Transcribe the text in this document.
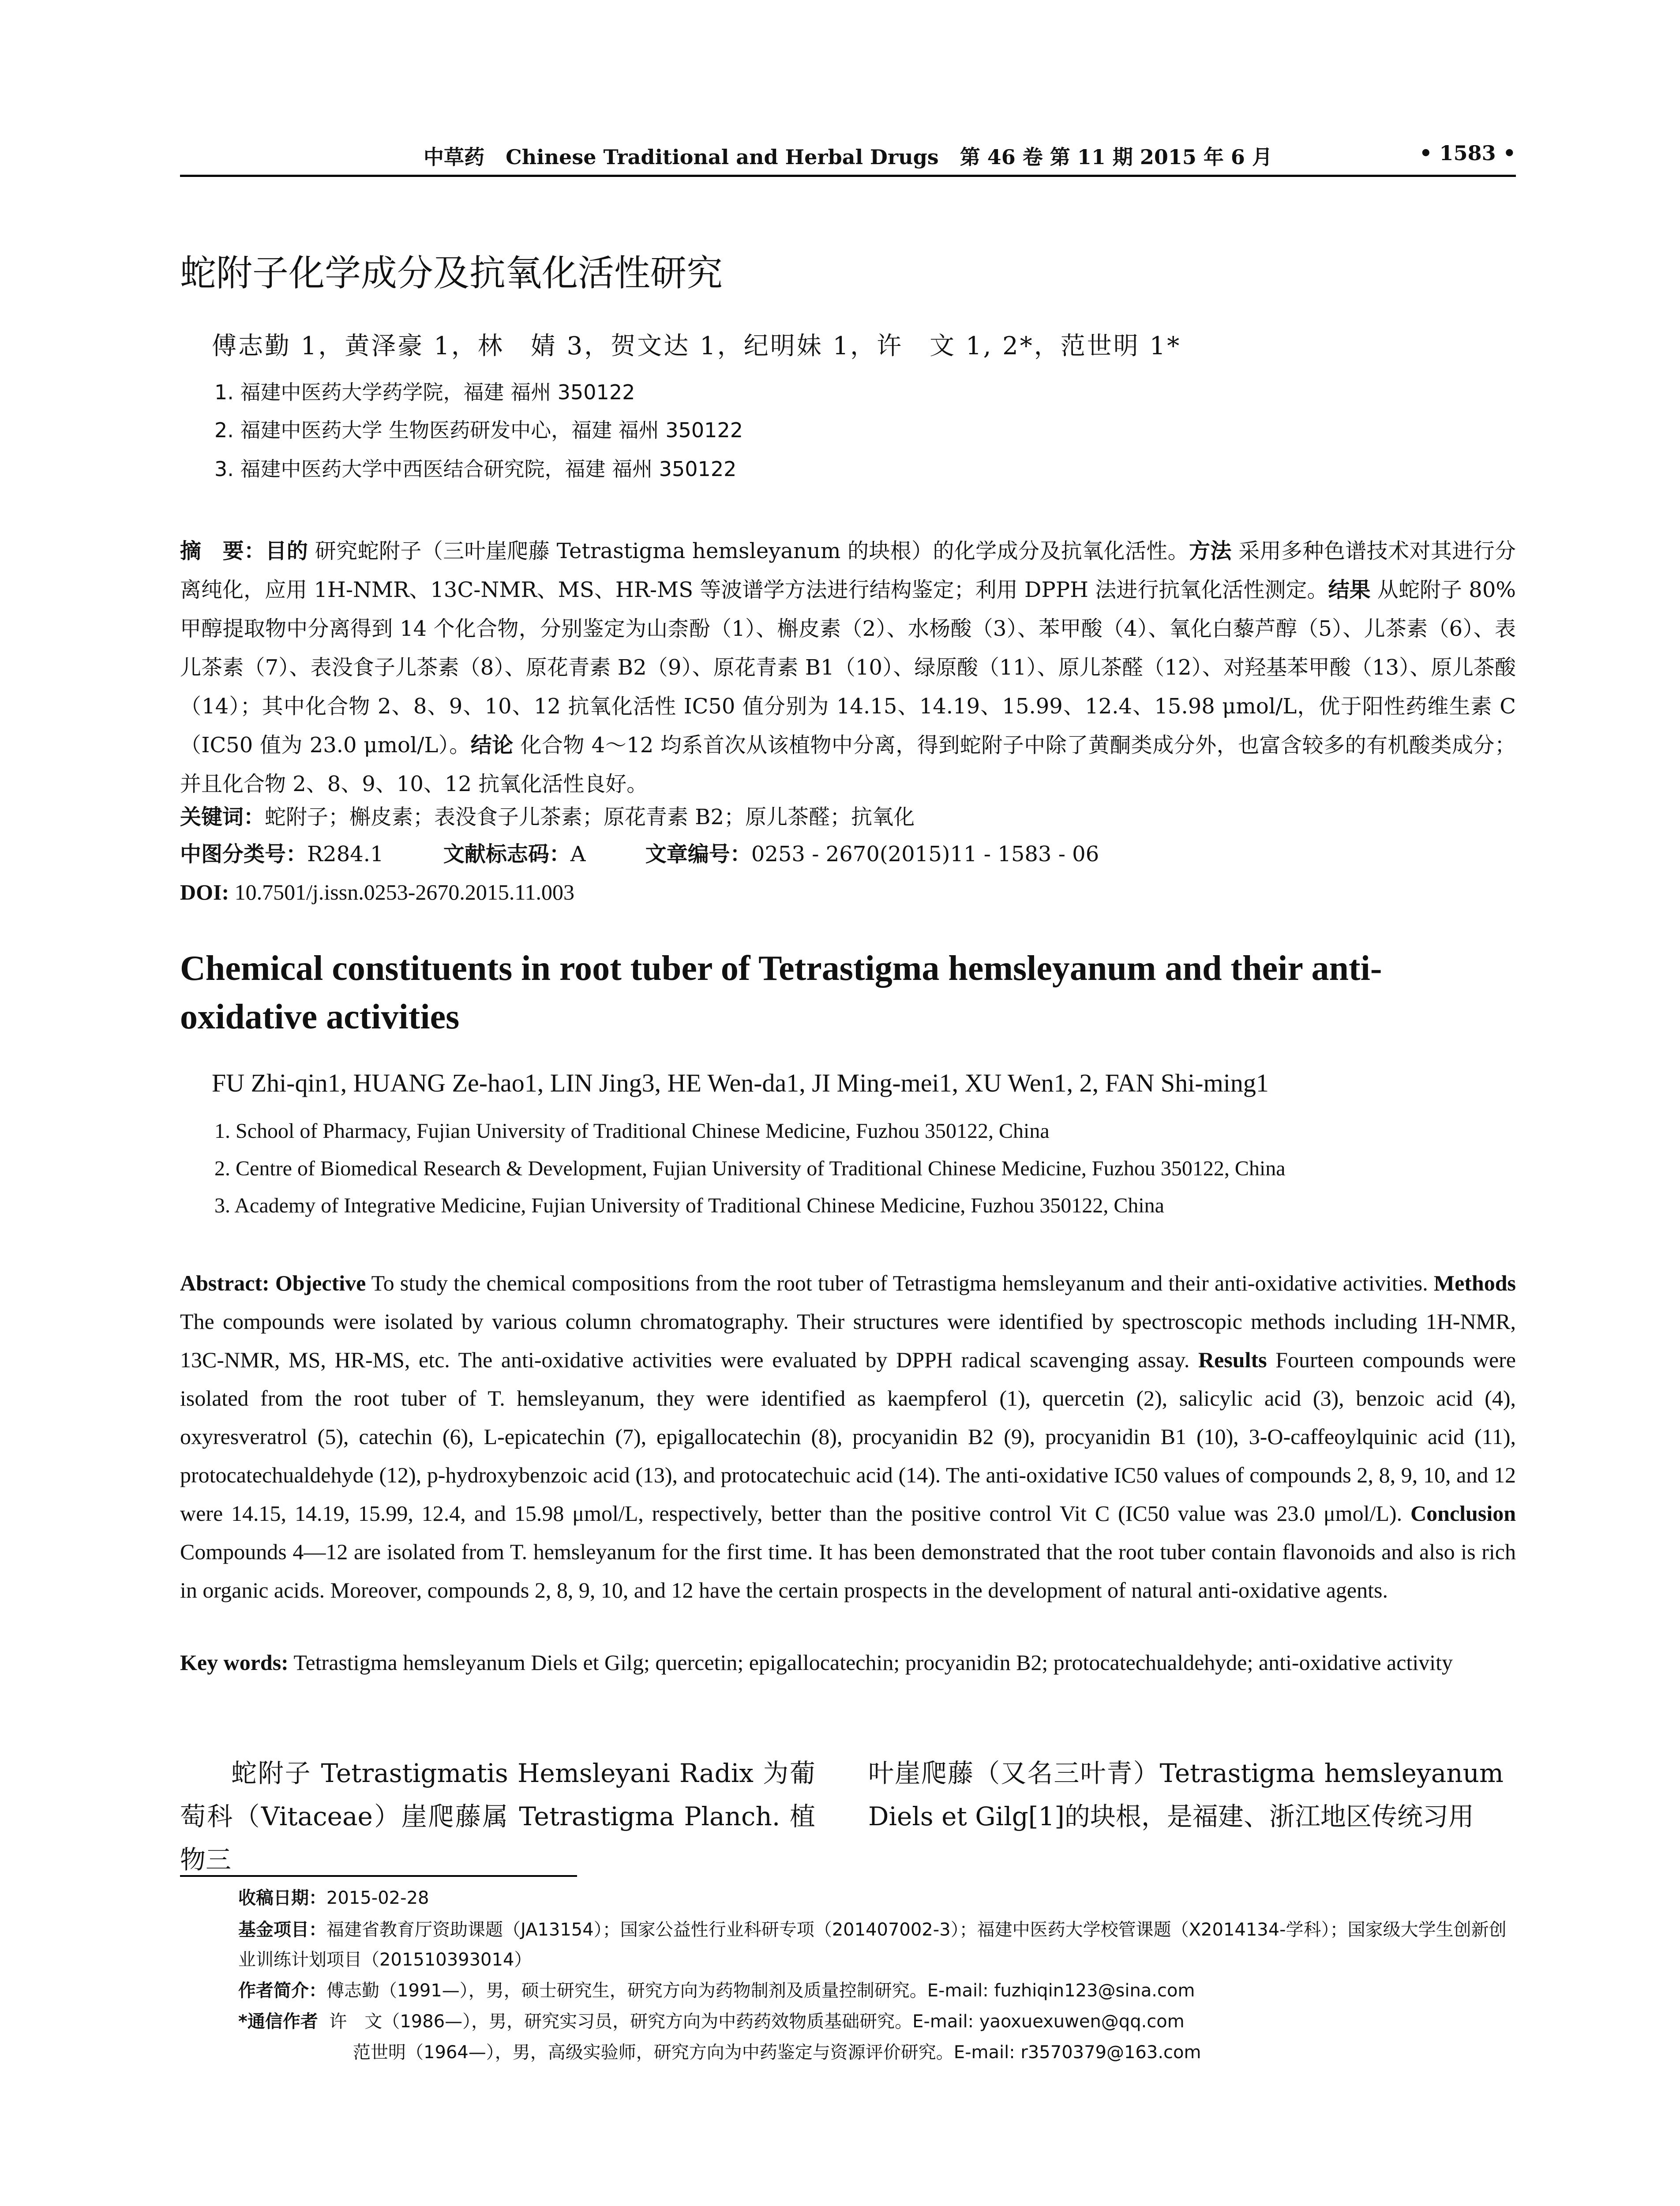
中草药 Chinese Traditional and Herbal Drugs 第 46 卷 第 11 期 2015 年 6 月	• 1583 •
蛇附子化学成分及抗氧化活性研究
傅志勤 1，黄泽豪 1，林　婧 3，贺文达 1，纪明妹 1，许　文 1, 2*，范世明 1*
1. 福建中医药大学药学院，福建 福州 350122
2. 福建中医药大学 生物医药研发中心，福建 福州 350122
3. 福建中医药大学中西医结合研究院，福建 福州 350122
摘　要：目的 研究蛇附子（三叶崖爬藤 Tetrastigma hemsleyanum 的块根）的化学成分及抗氧化活性。方法 采用多种色谱技术对其进行分离纯化，应用 1H-NMR、13C-NMR、MS、HR-MS 等波谱学方法进行结构鉴定；利用 DPPH 法进行抗氧化活性测定。结果 从蛇附子 80%甲醇提取物中分离得到 14 个化合物，分别鉴定为山柰酚（1）、槲皮素（2）、水杨酸（3）、苯甲酸（4）、氧化白藜芦醇（5）、儿茶素（6）、表儿茶素（7）、表没食子儿茶素（8）、原花青素 B2（9）、原花青素 B1（10）、绿原酸（11）、原儿茶醛（12）、对羟基苯甲酸（13）、原儿茶酸（14）；其中化合物 2、8、9、10、12 抗氧化活性 IC50 值分别为 14.15、14.19、15.99、12.4、15.98 μmol/L，优于阳性药维生素 C（IC50 值为 23.0 μmol/L）。结论 化合物 4～12 均系首次从该植物中分离，得到蛇附子中除了黄酮类成分外，也富含较多的有机酸类成分；并且化合物 2、8、9、10、12 抗氧化活性良好。
关键词：蛇附子；槲皮素；表没食子儿茶素；原花青素 B2；原儿茶醛；抗氧化
中图分类号：R284.1	文献标志码：A	文章编号：0253 - 2670(2015)11 - 1583 - 06
DOI: 10.7501/j.issn.0253-2670.2015.11.003
Chemical constituents in root tuber of Tetrastigma hemsleyanum and their anti-oxidative activities
FU Zhi-qin1, HUANG Ze-hao1, LIN Jing3, HE Wen-da1, JI Ming-mei1, XU Wen1, 2, FAN Shi-ming1
1. School of Pharmacy, Fujian University of Traditional Chinese Medicine, Fuzhou 350122, China
2. Centre of Biomedical Research & Development, Fujian University of Traditional Chinese Medicine, Fuzhou 350122, China
3. Academy of Integrative Medicine, Fujian University of Traditional Chinese Medicine, Fuzhou 350122, China
Abstract: Objective To study the chemical compositions from the root tuber of Tetrastigma hemsleyanum and their anti-oxidative activities. Methods The compounds were isolated by various column chromatography. Their structures were identified by spectroscopic methods including 1H-NMR, 13C-NMR, MS, HR-MS, etc. The anti-oxidative activities were evaluated by DPPH radical scavenging assay. Results Fourteen compounds were isolated from the root tuber of T. hemsleyanum, they were identified as kaempferol (1), quercetin (2), salicylic acid (3), benzoic acid (4), oxyresveratrol (5), catechin (6), L-epicatechin (7), epigallocatechin (8), procyanidin B2 (9), procyanidin B1 (10), 3-O-caffeoylquinic acid (11), protocatechualdehyde (12), p-hydroxybenzoic acid (13), and protocatechuic acid (14). The anti-oxidative IC50 values of compounds 2, 8, 9, 10, and 12 were 14.15, 14.19, 15.99, 12.4, and 15.98 μmol/L, respectively, better than the positive control Vit C (IC50 value was 23.0 μmol/L). Conclusion Compounds 4—12 are isolated from T. hemsleyanum for the first time. It has been demonstrated that the root tuber contain flavonoids and also is rich in organic acids. Moreover, compounds 2, 8, 9, 10, and 12 have the certain prospects in the development of natural anti-oxidative agents.
Key words: Tetrastigma hemsleyanum Diels et Gilg; quercetin; epigallocatechin; procyanidin B2; protocatechualdehyde; anti-oxidative activity
蛇附子 Tetrastigmatis Hemsleyani Radix 为葡萄科（Vitaceae）崖爬藤属 Tetrastigma Planch. 植物三
叶崖爬藤（又名三叶青）Tetrastigma hemsleyanum Diels et Gilg[1]的块根，是福建、浙江地区传统习用
收稿日期：2015-02-28
基金项目：福建省教育厅资助课题（JA13154）；国家公益性行业科研专项（201407002-3）；福建中医药大学校管课题（X2014134-学科）；国家级大学生创新创业训练计划项目（201510393014）
作者简介：傅志勤（1991—），男，硕士研究生，研究方向为药物制剂及质量控制研究。E-mail: fuzhiqin123@sina.com
*通信作者 许　文（1986—），男，研究实习员，研究方向为中药药效物质基础研究。E-mail: yaoxuexuwen@qq.com
范世明（1964—），男，高级实验师，研究方向为中药鉴定与资源评价研究。E-mail: r3570379@163.com
